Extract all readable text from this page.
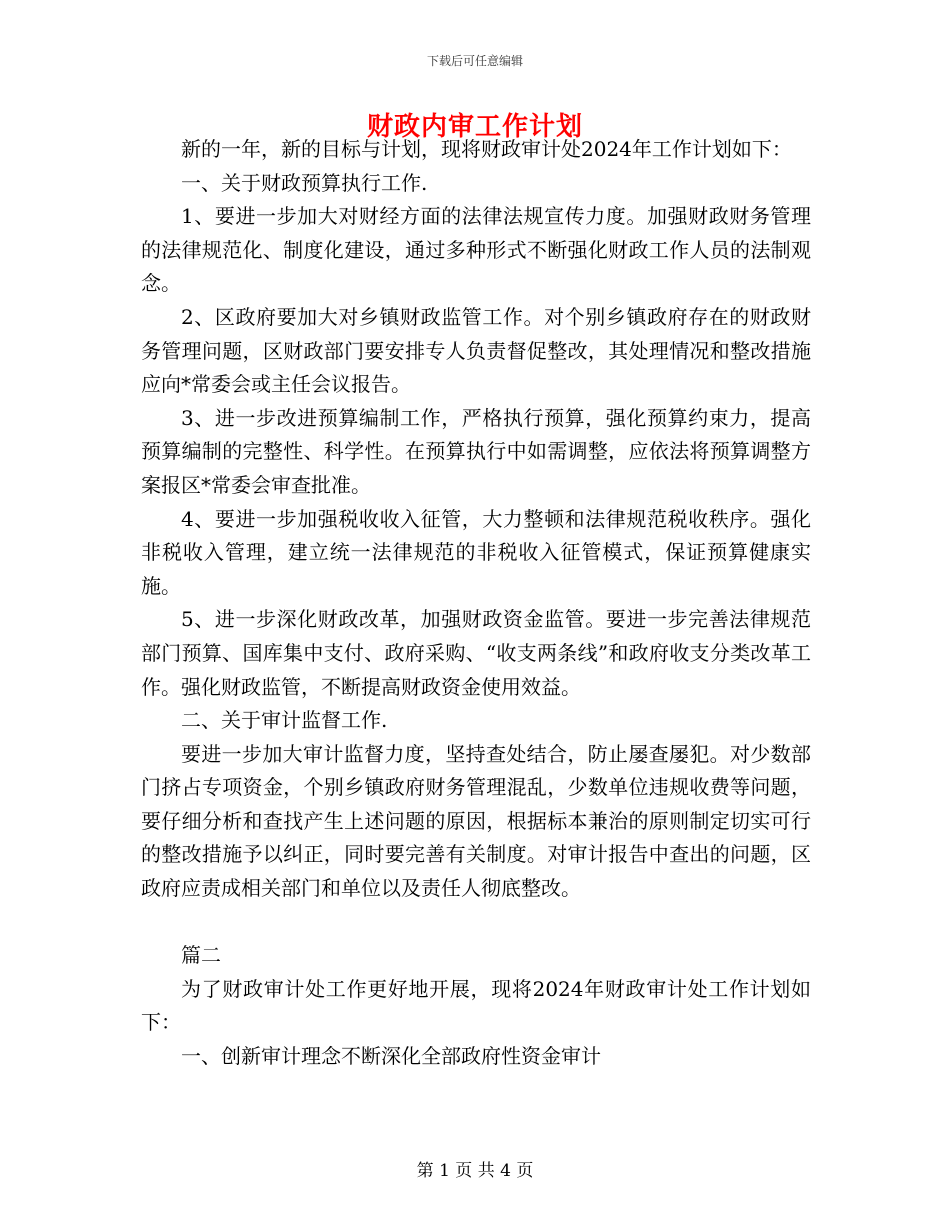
下载后可任意编辑
财政内审工作计划

新的一年，新的目标与计划，现将财政审计处2024年工作计划如下：

一、关于财政预算执行工作.

1、要进一步加大对财经方面的法律法规宣传力度。加强财政财务管理的法律规范化、制度化建设，通过多种形式不断强化财政工作人员的法制观念。

2、区政府要加大对乡镇财政监管工作。对个别乡镇政府存在的财政财务管理问题，区财政部门要安排专人负责督促整改，其处理情况和整改措施应向*常委会或主任会议报告。

3、进一步改进预算编制工作，严格执行预算，强化预算约束力，提高预算编制的完整性、科学性。在预算执行中如需调整，应依法将预算调整方案报区*常委会审查批准。

4、要进一步加强税收收入征管，大力整顿和法律规范税收秩序。强化非税收入管理，建立统一法律规范的非税收入征管模式，保证预算健康实施。

5、进一步深化财政改革，加强财政资金监管。要进一步完善法律规范部门预算、国库集中支付、政府采购、“收支两条线”和政府收支分类改革工作。强化财政监管，不断提高财政资金使用效益。

二、关于审计监督工作.

要进一步加大审计监督力度，坚持查处结合，防止屡查屡犯。对少数部门挤占专项资金，个别乡镇政府财务管理混乱，少数单位违规收费等问题，要仔细分析和查找产生上述问题的原因，根据标本兼治的原则制定切实可行的整改措施予以纠正，同时要完善有关制度。对审计报告中查出的问题，区政府应责成相关部门和单位以及责任人彻底整改。

篇二

为了财政审计处工作更好地开展，现将2024年财政审计处工作计划如下：

一、创新审计理念不断深化全部政府性资金审计

第 1 页 共 4 页
